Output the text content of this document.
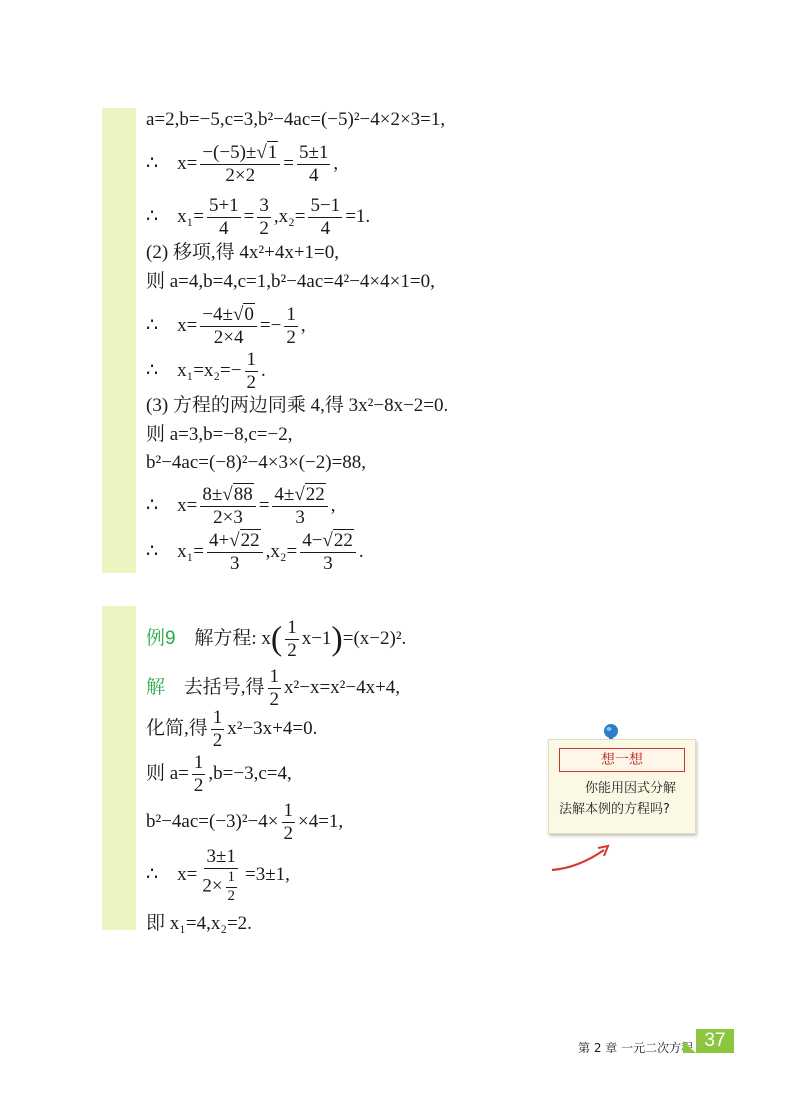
a=2,b=−5,c=3,b²−4ac=(−5)²−4×2×3=1,
∴ $x= \frac{-(-5)\pm√1}{2\times 2} = \frac{5\pm 1}{4}$ ,
∴ $x_1= \frac{5+1}{4} = \frac{3}{2} ,x_2= \frac{5-1}{4} =1$.
(2) 移项,得 4x²+4x+1=0,
则 a=4,b=4,c=1,b²−4ac=4²−4×4×1=0,
∴ $x= \frac{-4\pm√0}{2\times 4} =- \frac{1}{2}$ ,
∴ $x_1=x_2=- \frac{1}{2}$ .
(3) 方程的两边同乘 4,得 3x²−8x−2=0.
则 a=3,b=−8,c=−2,
b²−4ac=(−8)²−4×3×(−2)=88,
∴ $x= \frac{8\pm√88}{2\times 3} = \frac{4\pm√22}{3}$ ,
∴ $x_1= \frac{4+√22}{3} ,x_2= \frac{4-√22}{3}$ .
例9 解方程: $x( \frac{1}{2} x-1)=(x-2)^2$.
解 去括号,得 $\frac{1}{2} x^2-x=x^2-4x+4$,
化简,得 $\frac{1}{2} x^2-3x+4=0$.
则 $a= \frac{1}{2} ,b=-3,c=4$,
$b^2-4ac=(-3)^2-4\times \frac{1}{2} \times 4=1$,
∴ $x= \frac{3\pm 1}{2\times \frac{1}{2}} =3\pm 1$,
即 x₁=4,x₂=2.
想一想
你能用因式分解
法解本例的方程吗?
第 2 章 一元二次方程 37
